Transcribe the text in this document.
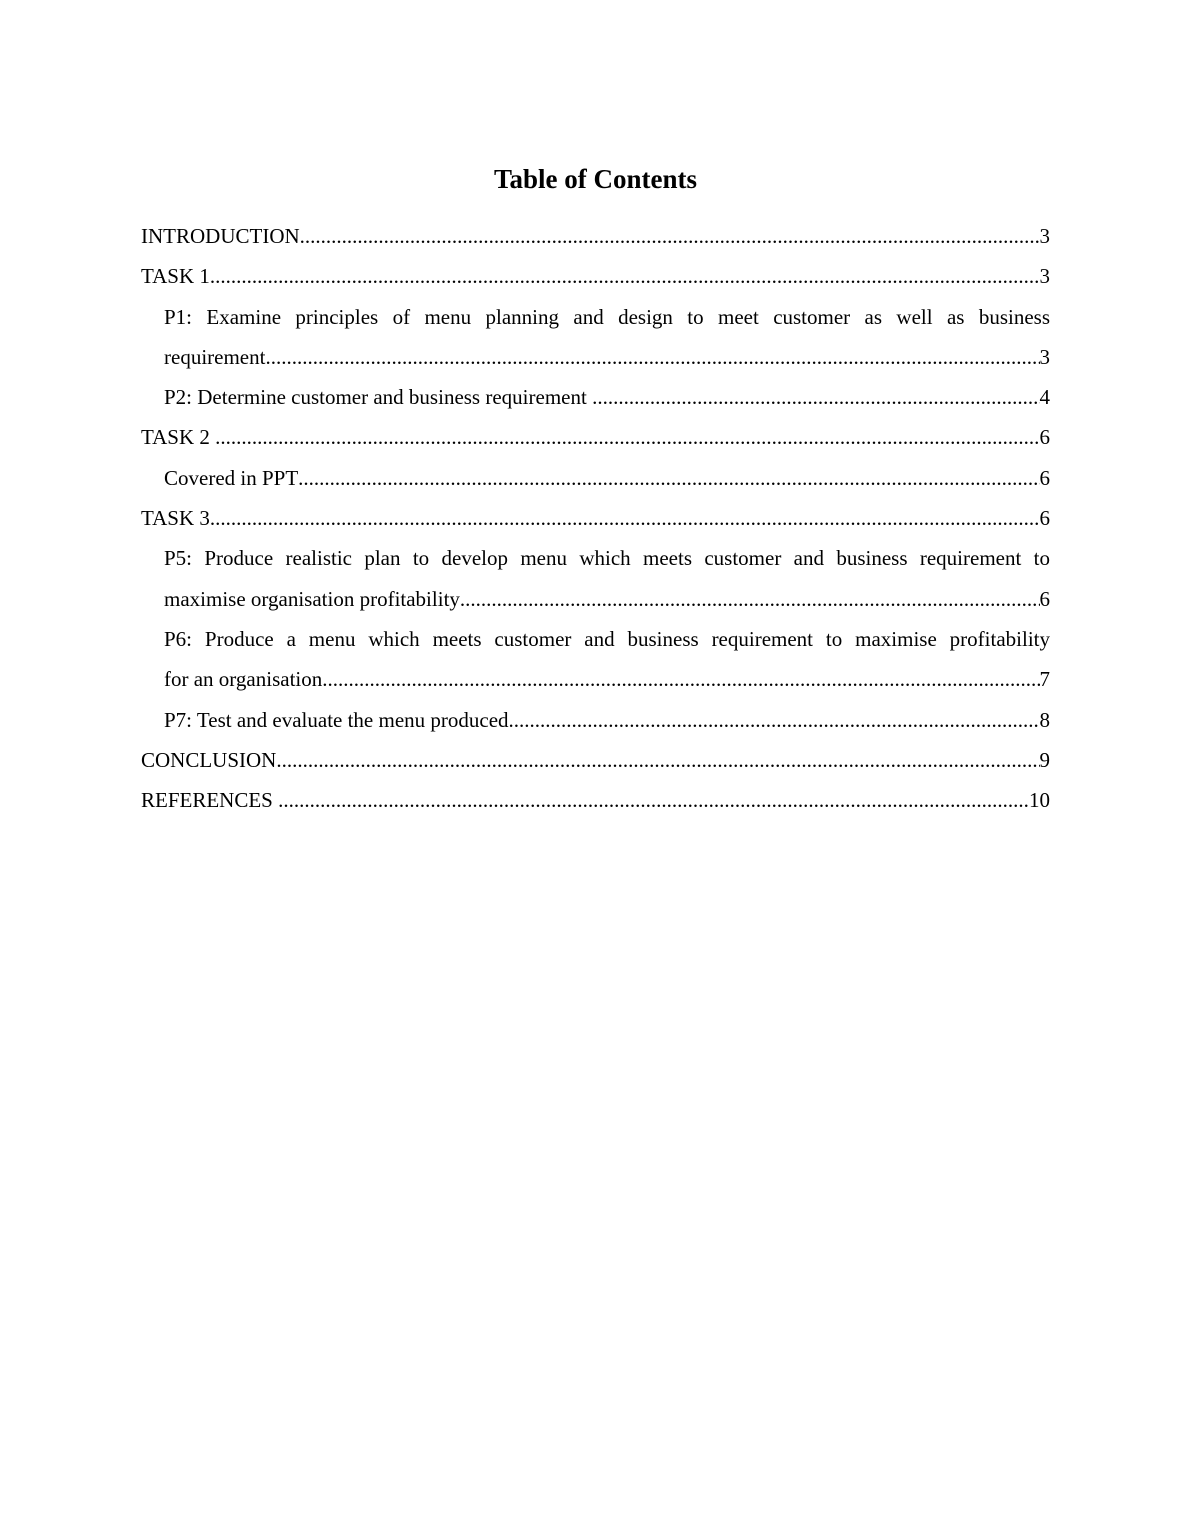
Table of Contents
INTRODUCTION .....	3
TASK 1 .....	3
P1: Examine principles of menu planning and design to meet customer as well as business
requirement .....	3
P2: Determine customer and business requirement .....	4
TASK 2 .....	6
Covered in PPT .....	6
TASK 3 .....	6
P5: Produce realistic plan to develop menu which meets customer and business requirement to
maximise organisation profitability .....	6
P6: Produce a menu which meets customer and business requirement to maximise profitability
for an organisation .....	7
P7: Test and evaluate the menu produced .....	8
CONCLUSION .....	9
REFERENCES .....	10
